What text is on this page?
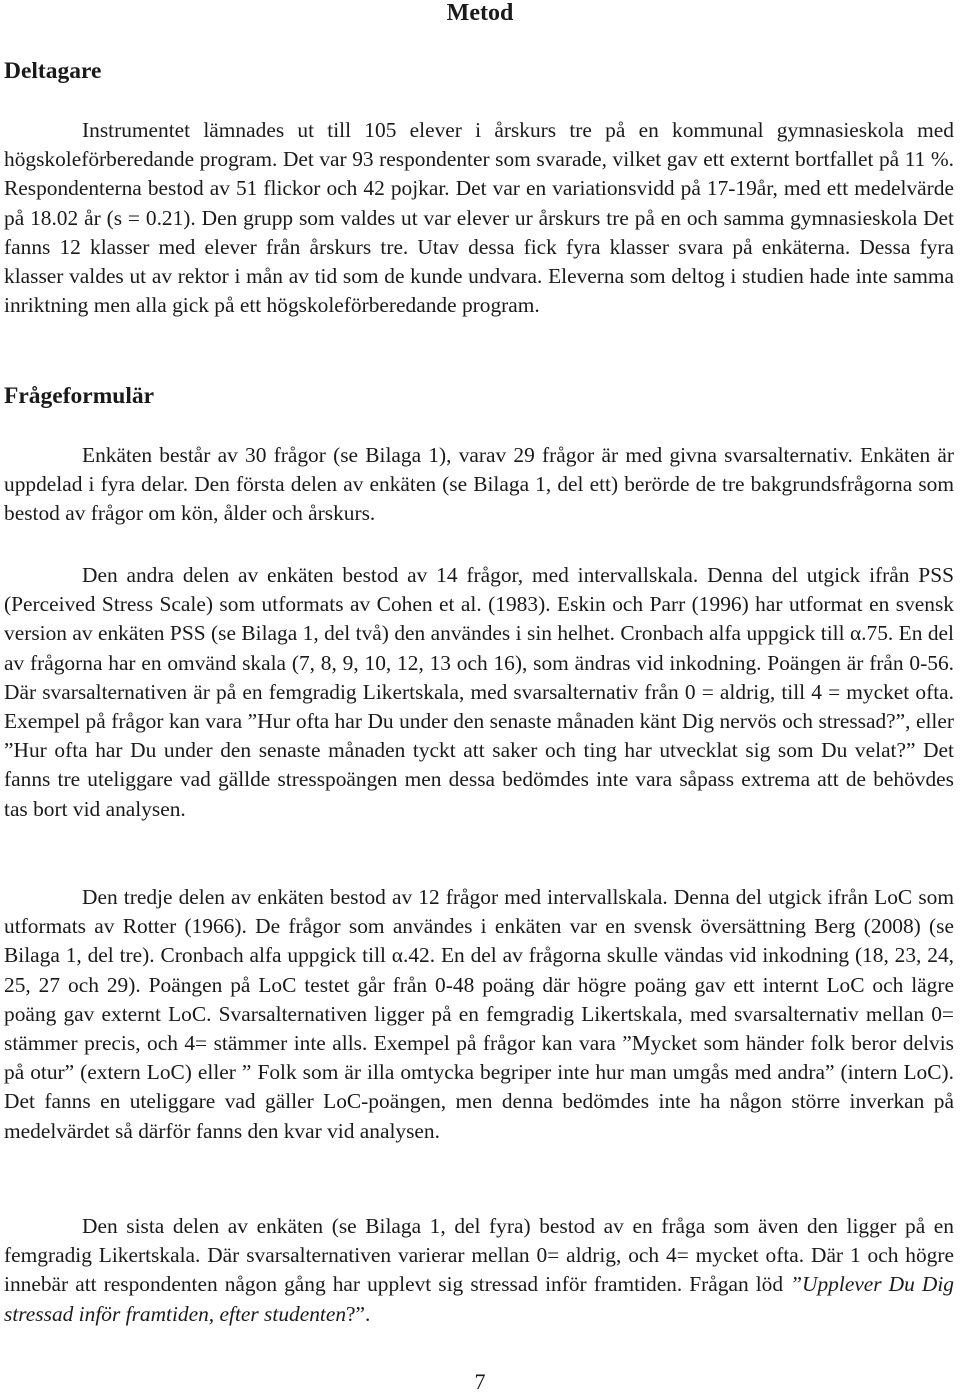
Metod
Deltagare

Instrumentet lämnades ut till 105 elever i årskurs tre på en kommunal gymnasieskola med högskoleförberedande program. Det var 93 respondenter som svarade, vilket gav ett externt bortfallet på 11 %. Respondenterna bestod av 51 flickor och 42 pojkar. Det var en variationsvidd på 17-19år, med ett medelvärde på 18.02 år (s = 0.21). Den grupp som valdes ut var elever ur årskurs tre på en och samma gymnasieskola Det fanns 12 klasser med elever från årskurs tre. Utav dessa fick fyra klasser svara på enkäterna. Dessa fyra klasser valdes ut av rektor i mån av tid som de kunde undvara. Eleverna som deltog i studien hade inte samma inriktning men alla gick på ett högskoleförberedande program.

Frågeformulär

Enkäten består av 30 frågor (se Bilaga 1), varav 29 frågor är med givna svarsalternativ. Enkäten är uppdelad i fyra delar. Den första delen av enkäten (se Bilaga 1, del ett) berörde de tre bakgrundsfrågorna som bestod av frågor om kön, ålder och årskurs.

Den andra delen av enkäten bestod av 14 frågor, med intervallskala. Denna del utgick ifrån PSS (Perceived Stress Scale) som utformats av Cohen et al. (1983). Eskin och Parr (1996) har utformat en svensk version av enkäten PSS (se Bilaga 1, del två) den användes i sin helhet. Cronbach alfa uppgick till α.75. En del av frågorna har en omvänd skala (7, 8, 9, 10, 12, 13 och 16), som ändras vid inkodning. Poängen är från 0-56. Där svarsalternativen är på en femgradig Likertskala, med svarsalternativ från 0 = aldrig, till 4 = mycket ofta. Exempel på frågor kan vara ”Hur ofta har Du under den senaste månaden känt Dig nervös och stressad?”, eller ”Hur ofta har Du under den senaste månaden tyckt att saker och ting har utvecklat sig som Du velat?” Det fanns tre uteliggare vad gällde stresspoängen men dessa bedömdes inte vara såpass extrema att de behövdes tas bort vid analysen.

Den tredje delen av enkäten bestod av 12 frågor med intervallskala. Denna del utgick ifrån LoC som utformats av Rotter (1966). De frågor som användes i enkäten var en svensk översättning Berg (2008) (se Bilaga 1, del tre). Cronbach alfa uppgick till α.42. En del av frågorna skulle vändas vid inkodning (18, 23, 24, 25, 27 och 29). Poängen på LoC testet går från 0-48 poäng där högre poäng gav ett internt LoC och lägre poäng gav externt LoC. Svarsalternativen ligger på en femgradig Likertskala, med svarsalternativ mellan 0= stämmer precis, och 4= stämmer inte alls. Exempel på frågor kan vara ”Mycket som händer folk beror delvis på otur” (extern LoC) eller ” Folk som är illa omtycka begriper inte hur man umgås med andra” (intern LoC). Det fanns en uteliggare vad gäller LoC-poängen, men denna bedömdes inte ha någon större inverkan på medelvärdet så därför fanns den kvar vid analysen.

Den sista delen av enkäten (se Bilaga 1, del fyra) bestod av en fråga som även den ligger på en femgradig Likertskala. Där svarsalternativen varierar mellan 0= aldrig, och 4= mycket ofta. Där 1 och högre innebär att respondenten någon gång har upplevt sig stressad inför framtiden. Frågan löd ”Upplever Du Dig stressad inför framtiden, efter studenten?”.

7
